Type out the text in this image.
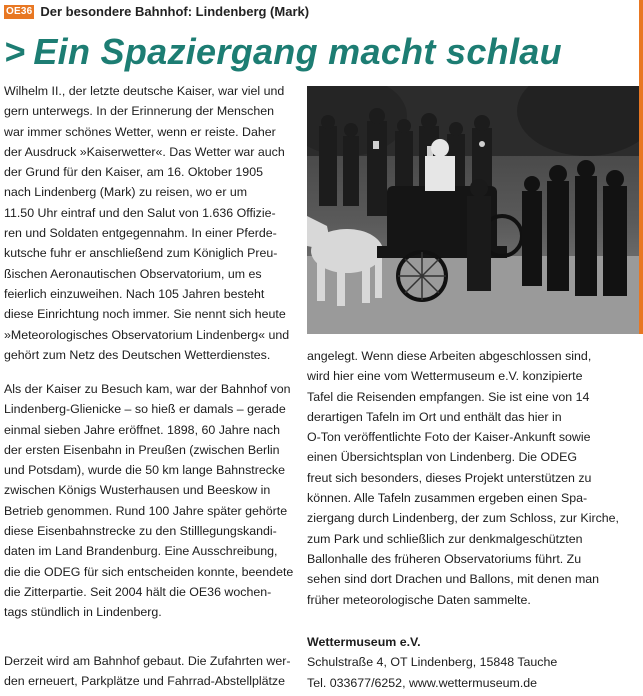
OE36 Der besondere Bahnhof: Lindenberg (Mark)
> Ein Spaziergang macht schlau

Wilhelm II., der letzte deutsche Kaiser, war viel und

gern unterwegs. In der Erinnerung der Menschen

war immer schönes Wetter, wenn er reiste. Daher

der Ausdruck »Kaiserwetter«. Das Wetter war auch

der Grund für den Kaiser, am 16. Oktober 1905

nach Lindenberg (Mark) zu reisen, wo er um

11.50 Uhr eintraf und den Salut von 1.636 Offizie-

ren und Soldaten entgegennahm. In einer Pferde-

kutsche fuhr er anschließend zum Königlich Preu-

ßischen Aeronautischen Observatorium, um es

feierlich einzuweihen. Nach 105 Jahren besteht

diese Einrichtung noch immer. Sie nennt sich heute

»Meteorologisches Observatorium Lindenberg« und

gehört zum Netz des Deutschen Wetterdienstes.

Als der Kaiser zu Besuch kam, war der Bahnhof von

Lindenberg-Glienicke – so hieß er damals – gerade

einmal sieben Jahre eröffnet. 1898, 60 Jahre nach

der ersten Eisenbahn in Preußen (zwischen Berlin

und Potsdam), wurde die 50 km lange Bahnstrecke

zwischen Königs Wusterhausen und Beeskow in

Betrieb genommen. Rund 100 Jahre später gehörte

diese Eisenbahnstrecke zu den Stilllegungskandi-

daten im Land Brandenburg. Eine Ausschreibung,

die die ODEG für sich entscheiden konnte, beendete

die Zitterpartie. Seit 2004 hält die OE36 wochen-

tags stündlich in Lindenberg.

Derzeit wird am Bahnhof gebaut. Die Zufahrten wer-

den erneuert, Parkplätze und Fahrrad-Abstellplätze

angelegt. Wenn diese Arbeiten abgeschlossen sind,

wird hier eine vom Wettermuseum e.V. konzipierte

Tafel die Reisenden empfangen. Sie ist eine von 14

derartigen Tafeln im Ort und enthält das hier in

O-Ton veröffentlichte Foto der Kaiser-Ankunft sowie

einen Übersichtsplan von Lindenberg. Die ODEG

freut sich besonders, dieses Projekt unterstützen zu

können. Alle Tafeln zusammen ergeben einen Spa-

ziergang durch Lindenberg, der zum Schloss, zur Kirche,

zum Park und schließlich zur denkmalgeschützten

Ballonhalle des früheren Observatoriums führt. Zu

sehen sind dort Drachen und Ballons, mit denen man

früher meteorologische Daten sammelte.

Wettermuseum e.V.

Schulstraße 4, OT Lindenberg, 15848 Tauche

Tel. 033677/6252, www.wettermuseum.de
